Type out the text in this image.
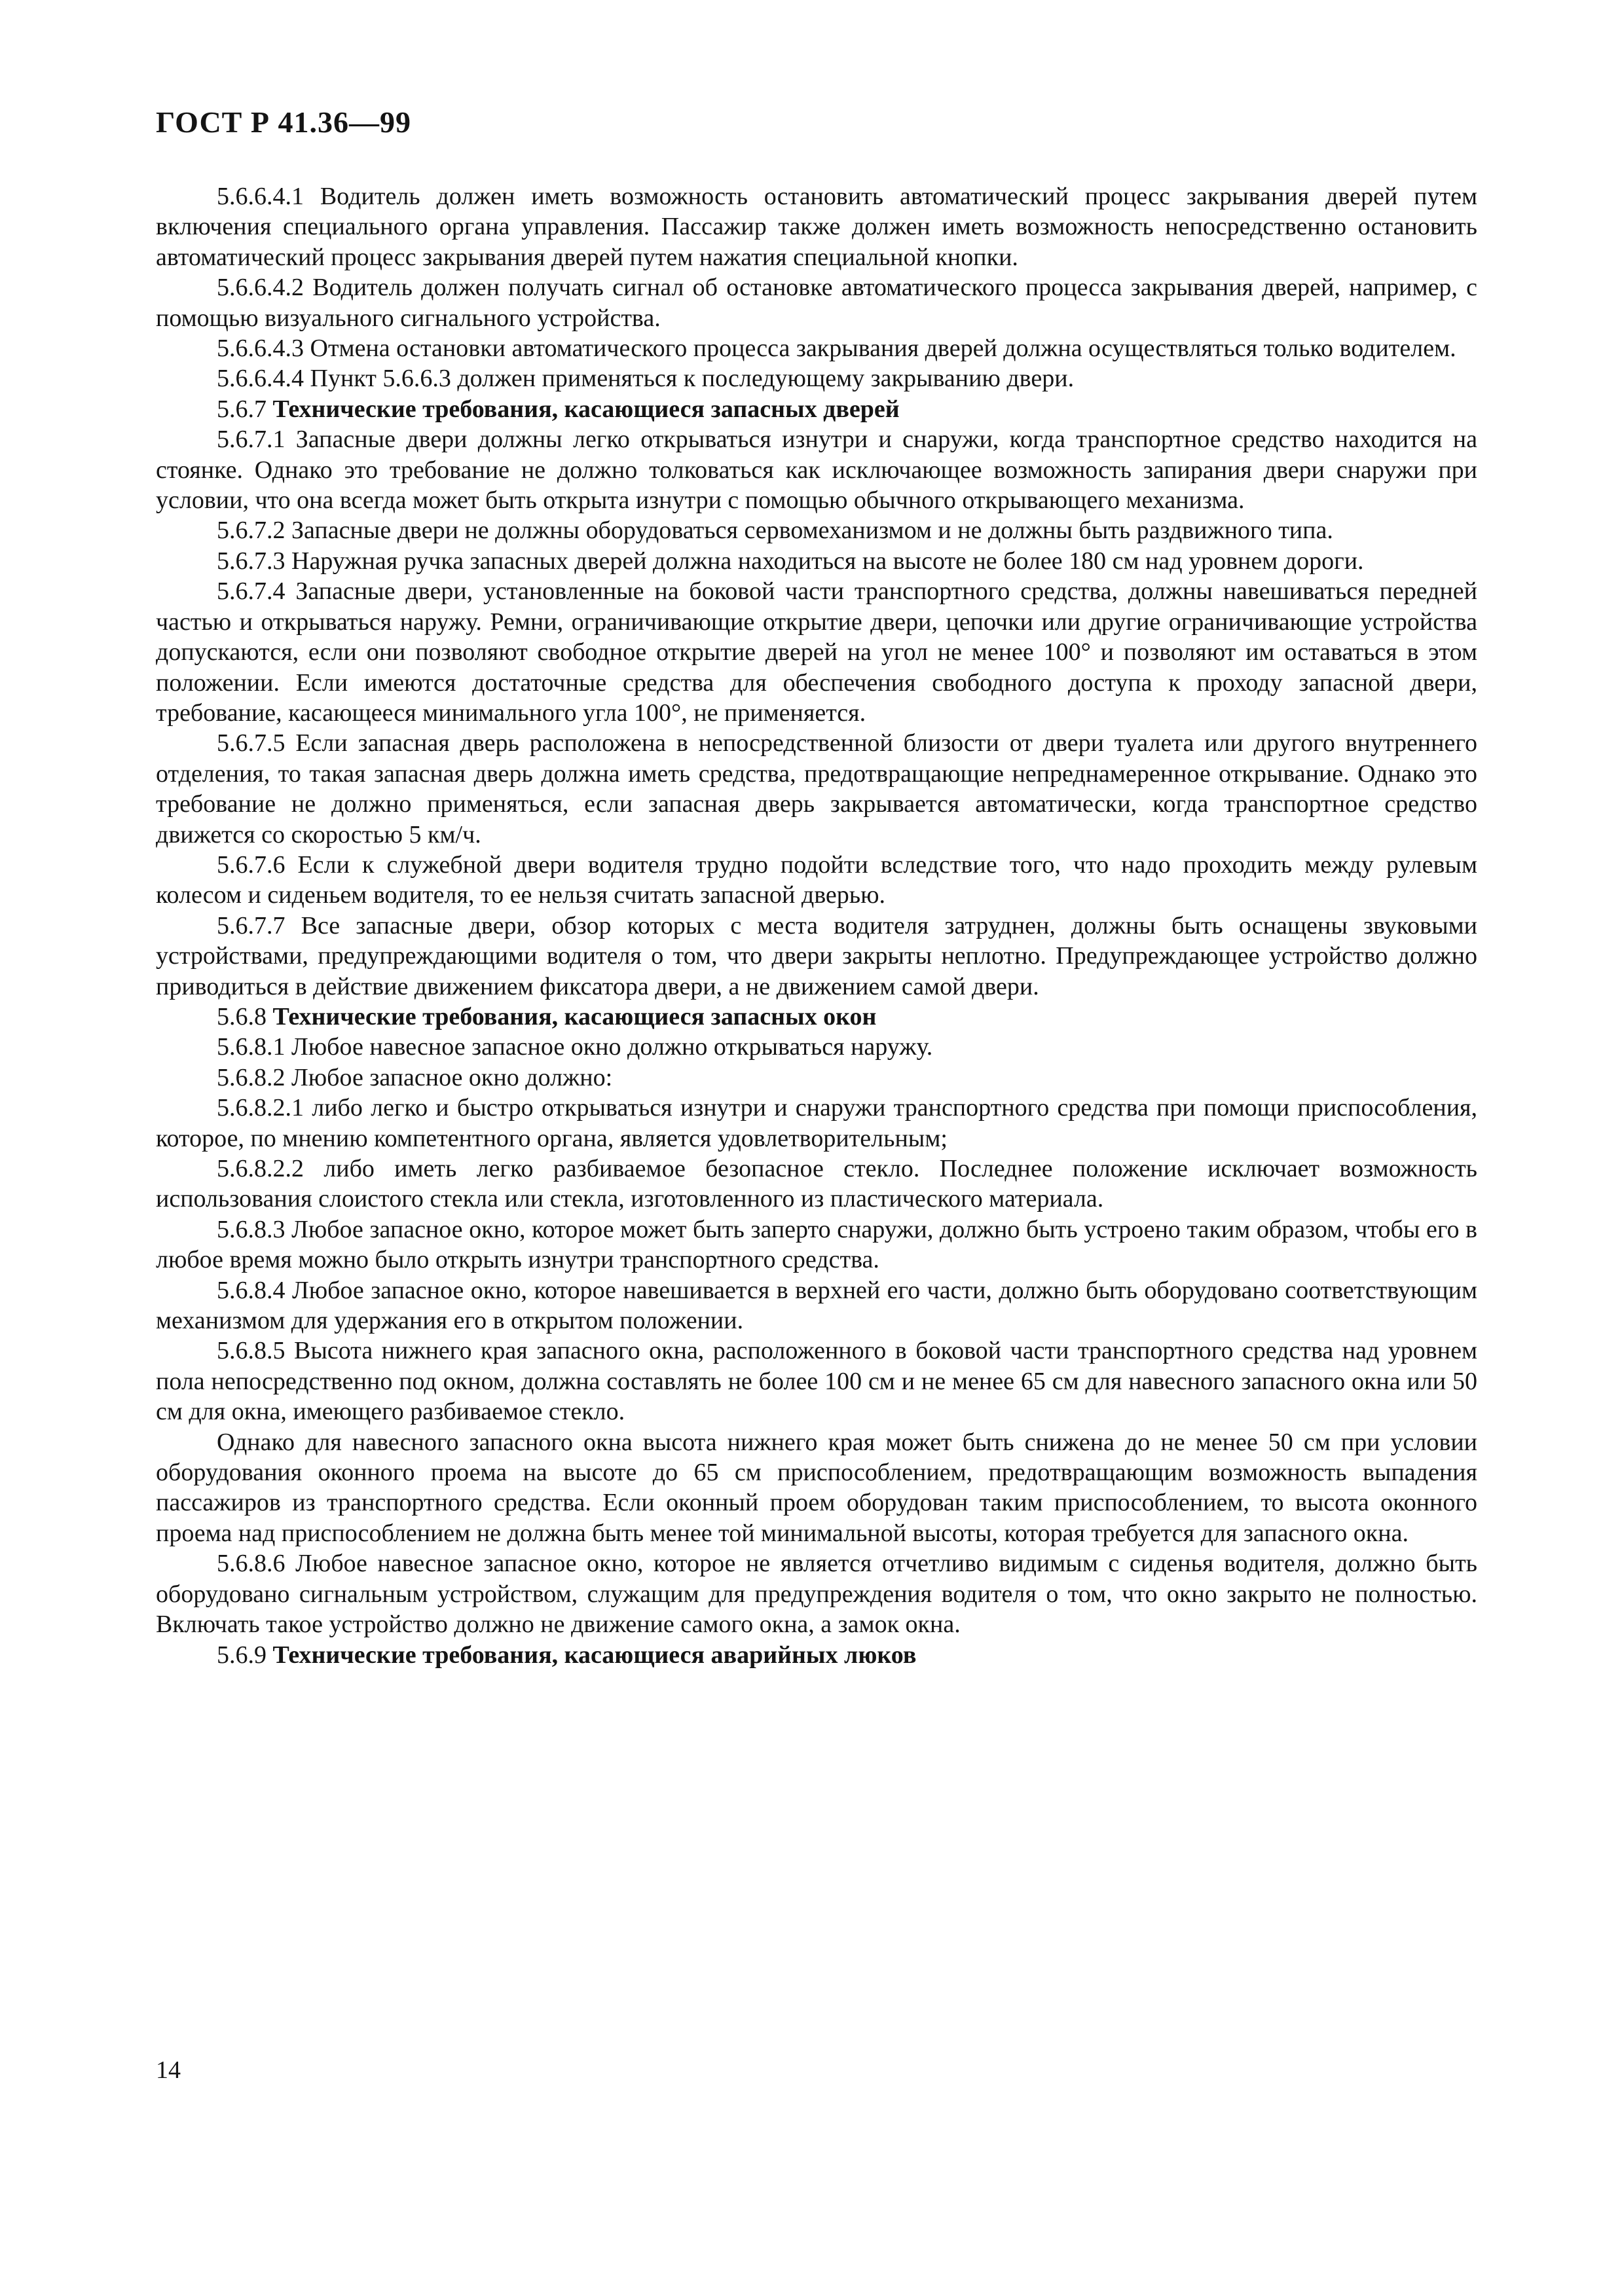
ГОСТ Р 41.36—99

5.6.6.4.1 Водитель должен иметь возможность остановить автоматический процесс закрывания дверей путем включения специального органа управления. Пассажир также должен иметь возможность непосредственно остановить автоматический процесс закрывания дверей путем нажатия специальной кнопки.

5.6.6.4.2 Водитель должен получать сигнал об остановке автоматического процесса закрывания дверей, например, с помощью визуального сигнального устройства.

5.6.6.4.3 Отмена остановки автоматического процесса закрывания дверей должна осуществляться только водителем.

5.6.6.4.4 Пункт 5.6.6.3 должен применяться к последующему закрыванию двери.

5.6.7 Технические требования, касающиеся запасных дверей

5.6.7.1 Запасные двери должны легко открываться изнутри и снаружи, когда транспортное средство находится на стоянке. Однако это требование не должно толковаться как исключающее возможность запирания двери снаружи при условии, что она всегда может быть открыта изнутри с помощью обычного открывающего механизма.

5.6.7.2 Запасные двери не должны оборудоваться сервомеханизмом и не должны быть раздвижного типа.

5.6.7.3 Наружная ручка запасных дверей должна находиться на высоте не более 180 см над уровнем дороги.

5.6.7.4 Запасные двери, установленные на боковой части транспортного средства, должны навешиваться передней частью и открываться наружу. Ремни, ограничивающие открытие двери, цепочки или другие ограничивающие устройства допускаются, если они позволяют свободное открытие дверей на угол не менее 100° и позволяют им оставаться в этом положении. Если имеются достаточные средства для обеспечения свободного доступа к проходу запасной двери, требование, касающееся минимального угла 100°, не применяется.

5.6.7.5 Если запасная дверь расположена в непосредственной близости от двери туалета или другого внутреннего отделения, то такая запасная дверь должна иметь средства, предотвращающие непреднамеренное открывание. Однако это требование не должно применяться, если запасная дверь закрывается автоматически, когда транспортное средство движется со скоростью 5 км/ч.

5.6.7.6 Если к служебной двери водителя трудно подойти вследствие того, что надо проходить между рулевым колесом и сиденьем водителя, то ее нельзя считать запасной дверью.

5.6.7.7 Все запасные двери, обзор которых с места водителя затруднен, должны быть оснащены звуковыми устройствами, предупреждающими водителя о том, что двери закрыты неплотно. Предупреждающее устройство должно приводиться в действие движением фиксатора двери, а не движением самой двери.

5.6.8 Технические требования, касающиеся запасных окон

5.6.8.1 Любое навесное запасное окно должно открываться наружу.

5.6.8.2 Любое запасное окно должно:

5.6.8.2.1 либо легко и быстро открываться изнутри и снаружи транспортного средства при помощи приспособления, которое, по мнению компетентного органа, является удовлетворительным;

5.6.8.2.2 либо иметь легко разбиваемое безопасное стекло. Последнее положение исключает возможность использования слоистого стекла или стекла, изготовленного из пластического материала.

5.6.8.3 Любое запасное окно, которое может быть заперто снаружи, должно быть устроено таким образом, чтобы его в любое время можно было открыть изнутри транспортного средства.

5.6.8.4 Любое запасное окно, которое навешивается в верхней его части, должно быть оборудовано соответствующим механизмом для удержания его в открытом положении.

5.6.8.5 Высота нижнего края запасного окна, расположенного в боковой части транспортного средства над уровнем пола непосредственно под окном, должна составлять не более 100 см и не менее 65 см для навесного запасного окна или 50 см для окна, имеющего разбиваемое стекло.

Однако для навесного запасного окна высота нижнего края может быть снижена до не менее 50 см при условии оборудования оконного проема на высоте до 65 см приспособлением, предотвращающим возможность выпадения пассажиров из транспортного средства. Если оконный проем оборудован таким приспособлением, то высота оконного проема над приспособлением не должна быть менее той минимальной высоты, которая требуется для запасного окна.

5.6.8.6 Любое навесное запасное окно, которое не является отчетливо видимым с сиденья водителя, должно быть оборудовано сигнальным устройством, служащим для предупреждения водителя о том, что окно закрыто не полностью. Включать такое устройство должно не движение самого окна, а замок окна.

5.6.9 Технические требования, касающиеся аварийных люков

14
